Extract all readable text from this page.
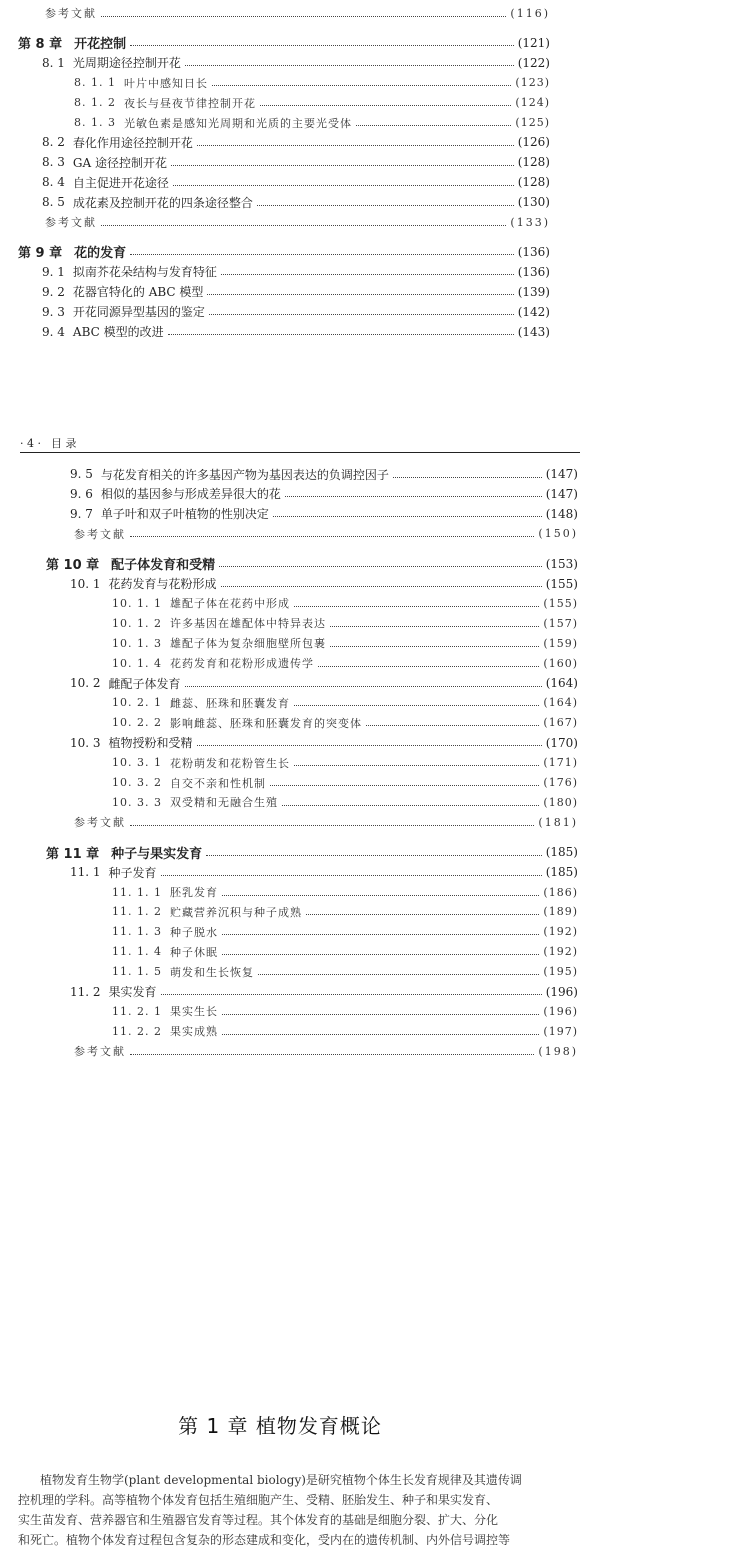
参考文献	(116)
第 8 章 开花控制	(121)
8. 1 光周期途径控制开花	(122)
8. 1. 1 叶片中感知日长	(123)
8. 1. 2 夜长与昼夜节律控制开花	(124)
8. 1. 3 光敏色素是感知光周期和光质的主要光受体	(125)
8. 2 春化作用途径控制开花	(126)
8. 3 GA 途径控制开花	(128)
8. 4 自主促进开花途径	(128)
8. 5 成花素及控制开花的四条途径整合	(130)
参考文献	(133)
第 9 章 花的发育	(136)
9. 1 拟南芥花朵结构与发育特征	(136)
9. 2 花器官特化的 ABC 模型	(139)
9. 3 开花同源异型基因的鉴定	(142)
9. 4 ABC 模型的改进	(143)
· 4 · 目 录
9. 5 与花发育相关的许多基因产物为基因表达的负调控因子	(147)
9. 6 相似的基因参与形成差异很大的花	(147)
9. 7 单子叶和双子叶植物的性别决定	(148)
参考文献	(150)
第 10 章 配子体发育和受精	(153)
10. 1 花药发育与花粉形成	(155)
10. 1. 1 雄配子体在花药中形成	(155)
10. 1. 2 许多基因在雄配体中特异表达	(157)
10. 1. 3 雄配子体为复杂细胞壁所包裹	(159)
10. 1. 4 花药发育和花粉形成遗传学	(160)
10. 2 雌配子体发育	(164)
10. 2. 1 雌蕊、胚珠和胚囊发育	(164)
10. 2. 2 影响雌蕊、胚珠和胚囊发育的突变体	(167)
10. 3 植物授粉和受精	(170)
10. 3. 1 花粉萌发和花粉管生长	(171)
10. 3. 2 自交不亲和性机制	(176)
10. 3. 3 双受精和无融合生殖	(180)
参考文献	(181)
第 11 章 种子与果实发育	(185)
11. 1 种子发育	(185)
11. 1. 1 胚乳发育	(186)
11. 1. 2 贮藏营养沉积与种子成熟	(189)
11. 1. 3 种子脱水	(192)
11. 1. 4 种子休眠	(192)
11. 1. 5 萌发和生长恢复	(195)
11. 2 果实发育	(196)
11. 2. 1 果实生长	(196)
11. 2. 2 果实成熟	(197)
参考文献	(198)
第 1 章 植物发育概论
植物发育生物学(plant developmental biology)是研究植物个体生长发育规律及其遗传调
控机理的学科。高等植物个体发育包括生殖细胞产生、受精、胚胎发生、种子和果实发育、
实生苗发育、营养器官和生殖器官发育等过程。其个体发育的基础是细胞分裂、扩大、分化
和死亡。植物个体发育过程包含复杂的形态建成和变化，受内在的遗传机制、内外信号调控等
